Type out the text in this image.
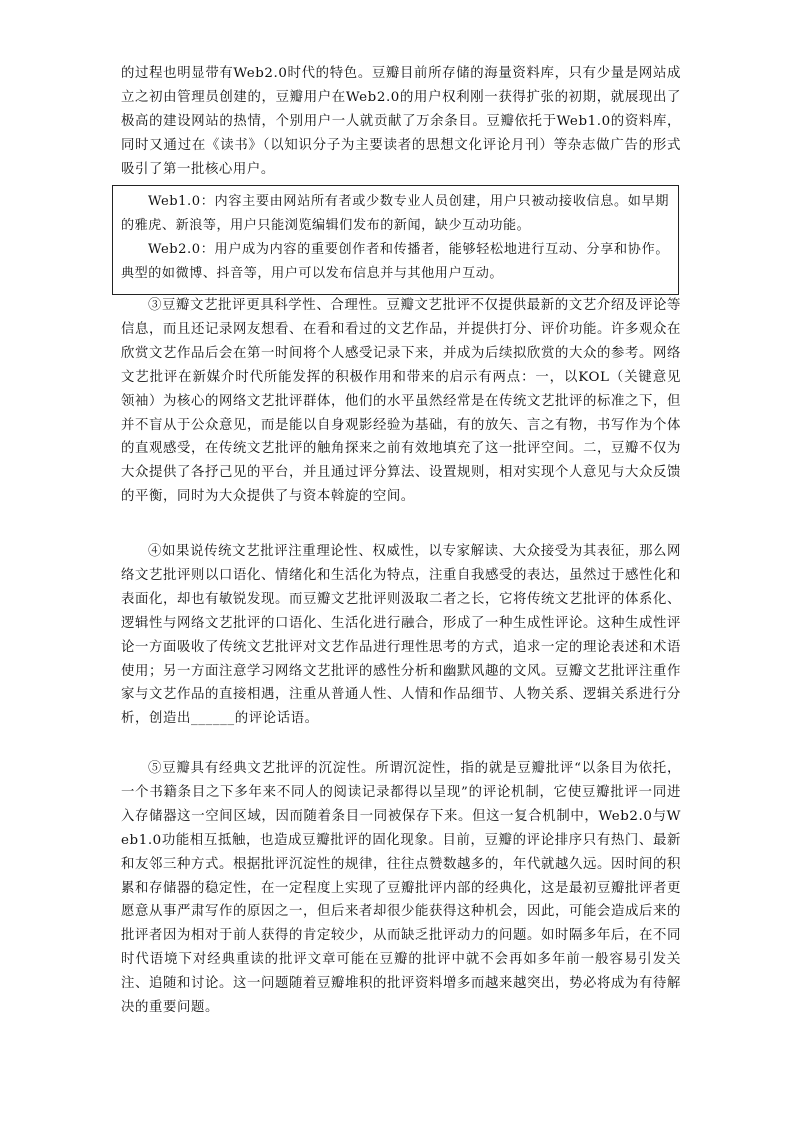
的过程也明显带有Web2.0时代的特色。豆瓣目前所存储的海量资料库，只有少量是网站成立之初由管理员创建的，豆瓣用户在Web2.0的用户权利刚一获得扩张的初期，就展现出了极高的建设网站的热情，个别用户一人就贡献了万余条目。豆瓣依托于Web1.0的资料库，同时又通过在《读书》（以知识分子为主要读者的思想文化评论月刊）等杂志做广告的形式吸引了第一批核心用户。

Web1.0：内容主要由网站所有者或少数专业人员创建，用户只被动接收信息。如早期的雅虎、新浪等，用户只能浏览编辑们发布的新闻，缺少互动功能。

Web2.0：用户成为内容的重要创作者和传播者，能够轻松地进行互动、分享和协作。典型的如微博、抖音等，用户可以发布信息并与其他用户互动。

③豆瓣文艺批评更具科学性、合理性。豆瓣文艺批评不仅提供最新的文艺介绍及评论等信息，而且还记录网友想看、在看和看过的文艺作品，并提供打分、评价功能。许多观众在欣赏文艺作品后会在第一时间将个人感受记录下来，并成为后续拟欣赏的大众的参考。网络文艺批评在新媒介时代所能发挥的积极作用和带来的启示有两点：一，以KOL（关键意见领袖）为核心的网络文艺批评群体，他们的水平虽然经常是在传统文艺批评的标准之下，但并不盲从于公众意见，而是能以自身观影经验为基础，有的放矢、言之有物，书写作为个体的直观感受，在传统文艺批评的触角探来之前有效地填充了这一批评空间。二，豆瓣不仅为大众提供了各抒己见的平台，并且通过评分算法、设置规则，相对实现个人意见与大众反馈的平衡，同时为大众提供了与资本斡旋的空间。

④如果说传统文艺批评注重理论性、权威性，以专家解读、大众接受为其表征，那么网络文艺批评则以口语化、情绪化和生活化为特点，注重自我感受的表达，虽然过于感性化和表面化，却也有敏锐发现。而豆瓣文艺批评则汲取二者之长，它将传统文艺批评的体系化、逻辑性与网络文艺批评的口语化、生活化进行融合，形成了一种生成性评论。这种生成性评论一方面吸收了传统文艺批评对文艺作品进行理性思考的方式，追求一定的理论表述和术语使用；另一方面注意学习网络文艺批评的感性分析和幽默风趣的文风。豆瓣文艺批评注重作家与文艺作品的直接相遇，注重从普通人性、人情和作品细节、人物关系、逻辑关系进行分析，创造出______的评论话语。

⑤豆瓣具有经典文艺批评的沉淀性。所谓沉淀性，指的就是豆瓣批评“以条目为依托，一个书籍条目之下多年来不同人的阅读记录都得以呈现”的评论机制，它使豆瓣批评一同进入存储器这一空间区域，因而随着条目一同被保存下来。但这一复合机制中，Web2.0与Web1.0功能相互抵触，也造成豆瓣批评的固化现象。目前，豆瓣的评论排序只有热门、最新和友邻三种方式。根据批评沉淀性的规律，往往点赞数越多的，年代就越久远。因时间的积累和存储器的稳定性，在一定程度上实现了豆瓣批评内部的经典化，这是最初豆瓣批评者更愿意从事严肃写作的原因之一，但后来者却很少能获得这种机会，因此，可能会造成后来的批评者因为相对于前人获得的肯定较少，从而缺乏批评动力的问题。如时隔多年后，在不同时代语境下对经典重读的批评文章可能在豆瓣的批评中就不会再如多年前一般容易引发关注、追随和讨论。这一问题随着豆瓣堆积的批评资料增多而越来越突出，势必将成为有待解决的重要问题。
